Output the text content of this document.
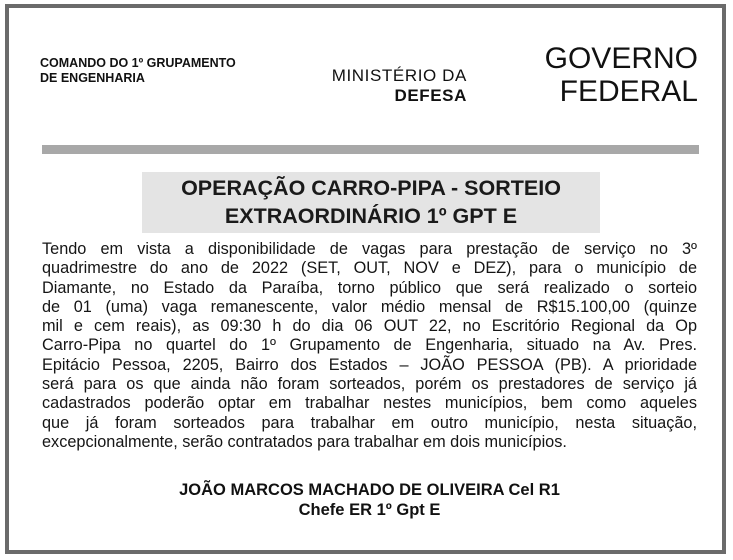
COMANDO DO 1º GRUPAMENTO
DE ENGENHARIA	MINISTÉRIO DA
DEFESA
GOVERNO
FEDERAL
OPERAÇÃO CARRO-PIPA - SORTEIO
EXTRAORDINÁRIO 1º GPT E
Tendo em vista a disponibilidade de vagas para prestação de serviço no 3º
quadrimestre do ano de 2022 (SET, OUT, NOV e DEZ), para o município de
Diamante, no Estado da Paraíba, torno público que será realizado o sorteio
de 01 (uma) vaga remanescente, valor médio mensal de R$15.100,00 (quinze
mil e cem reais), as 09:30 h do dia 06 OUT 22, no Escritório Regional da Op
Carro-Pipa no quartel do 1º Grupamento de Engenharia, situado na Av. Pres.
Epitácio Pessoa, 2205, Bairro dos Estados – JOÃO PESSOA (PB). A prioridade
será para os que ainda não foram sorteados, porém os prestadores de serviço já
cadastrados poderão optar em trabalhar nestes municípios, bem como aqueles
que já foram sorteados para trabalhar em outro município, nesta situação,
excepcionalmente, serão contratados para trabalhar em dois municípios.
JOÃO MARCOS MACHADO DE OLIVEIRA Cel R1
Chefe ER 1º Gpt E
